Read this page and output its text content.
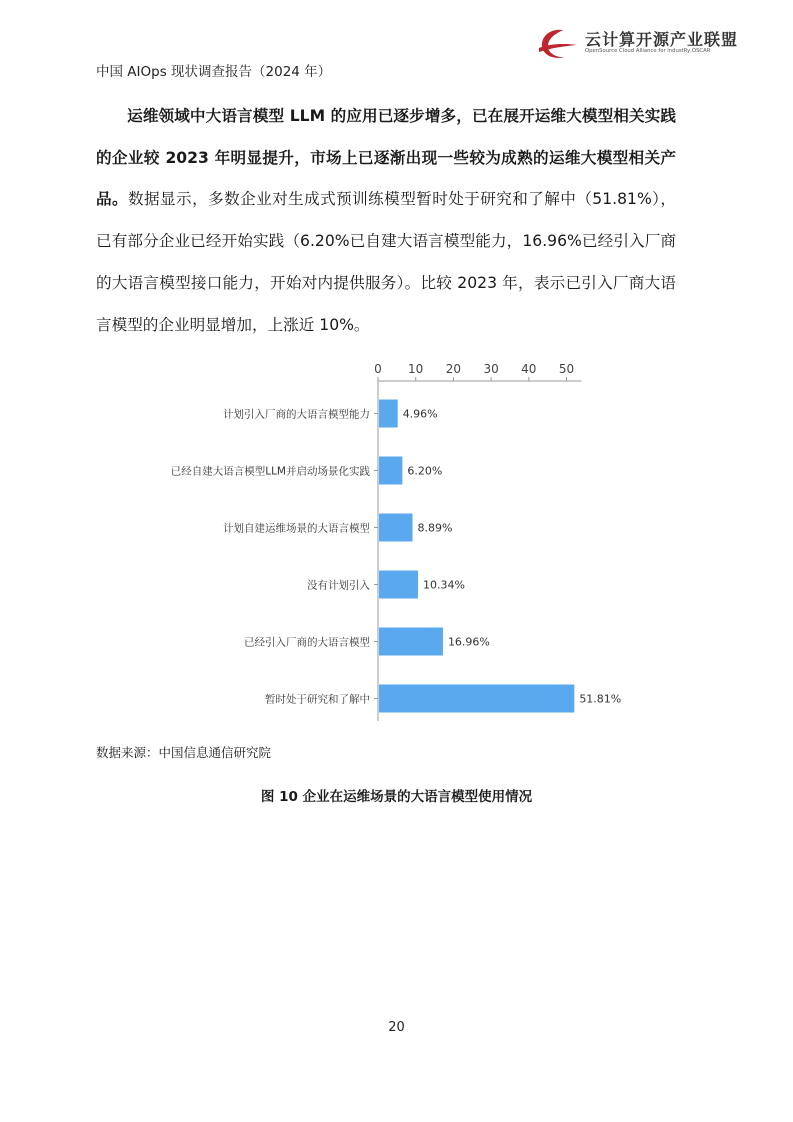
中国 AIOps 现状调查报告（2024 年）
云计算开源产业联盟
OpenSource Cloud Alliance for industRy,OSCAR
运维领域中大语言模型 LLM 的应用已逐步增多，已在展开运维大模型相关实践的企业较 2023 年明显提升，市场上已逐渐出现一些较为成熟的运维大模型相关产品。数据显示，多数企业对生成式预训练模型暂时处于研究和了解中（51.81%），已有部分企业已经开始实践（6.20%已自建大语言模型能力，16.96%已经引入厂商的大语言模型接口能力，开始对内提供服务）。比较 2023 年，表示已引入厂商大语言模型的企业明显增加，上涨近 10%。
0 10 20 30 40 50
计划引入厂商的大语言模型能力	4.96%
已经自建大语言模型LLM并启动场景化实践	6.20%
计划自建运维场景的大语言模型	8.89%
没有计划引入	10.34%
已经引入厂商的大语言模型	16.96%
暂时处于研究和了解中	51.81%
数据来源：中国信息通信研究院
图 10 企业在运维场景的大语言模型使用情况
20
